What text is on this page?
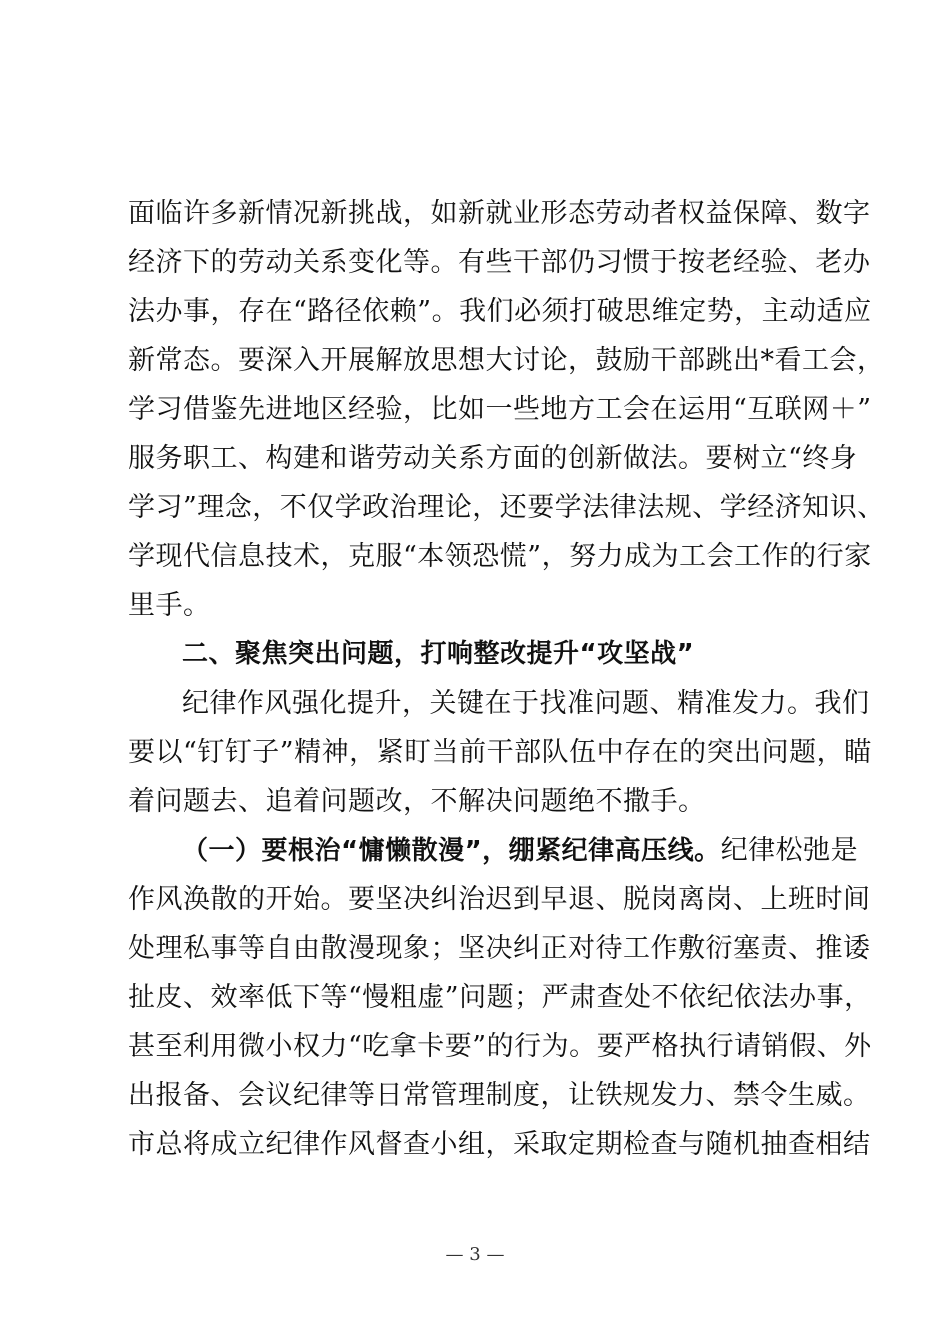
面临许多新情况新挑战，如新就业形态劳动者权益保障、数字
经济下的劳动关系变化等。有些干部仍习惯于按老经验、老办
法办事，存在“路径依赖”。我们必须打破思维定势，主动适应
新常态。要深入开展解放思想大讨论，鼓励干部跳出*看工会，
学习借鉴先进地区经验，比如一些地方工会在运用“互联网＋”
服务职工、构建和谐劳动关系方面的创新做法。要树立“终身
学习”理念，不仅学政治理论，还要学法律法规、学经济知识、
学现代信息技术，克服“本领恐慌”，努力成为工会工作的行家
里手。
二、聚焦突出问题，打响整改提升“攻坚战”
纪律作风强化提升，关键在于找准问题、精准发力。我们
要以“钉钉子”精神，紧盯当前干部队伍中存在的突出问题，瞄
着问题去、追着问题改，不解决问题绝不撒手。
（一）要根治“慵懒散漫”，绷紧纪律高压线。纪律松弛是
作风涣散的开始。要坚决纠治迟到早退、脱岗离岗、上班时间
处理私事等自由散漫现象；坚决纠正对待工作敷衍塞责、推诿
扯皮、效率低下等“慢粗虚”问题；严肃查处不依纪依法办事，
甚至利用微小权力“吃拿卡要”的行为。要严格执行请销假、外
出报备、会议纪律等日常管理制度，让铁规发力、禁令生威。
市总将成立纪律作风督查小组，采取定期检查与随机抽查相结
— 3 —
